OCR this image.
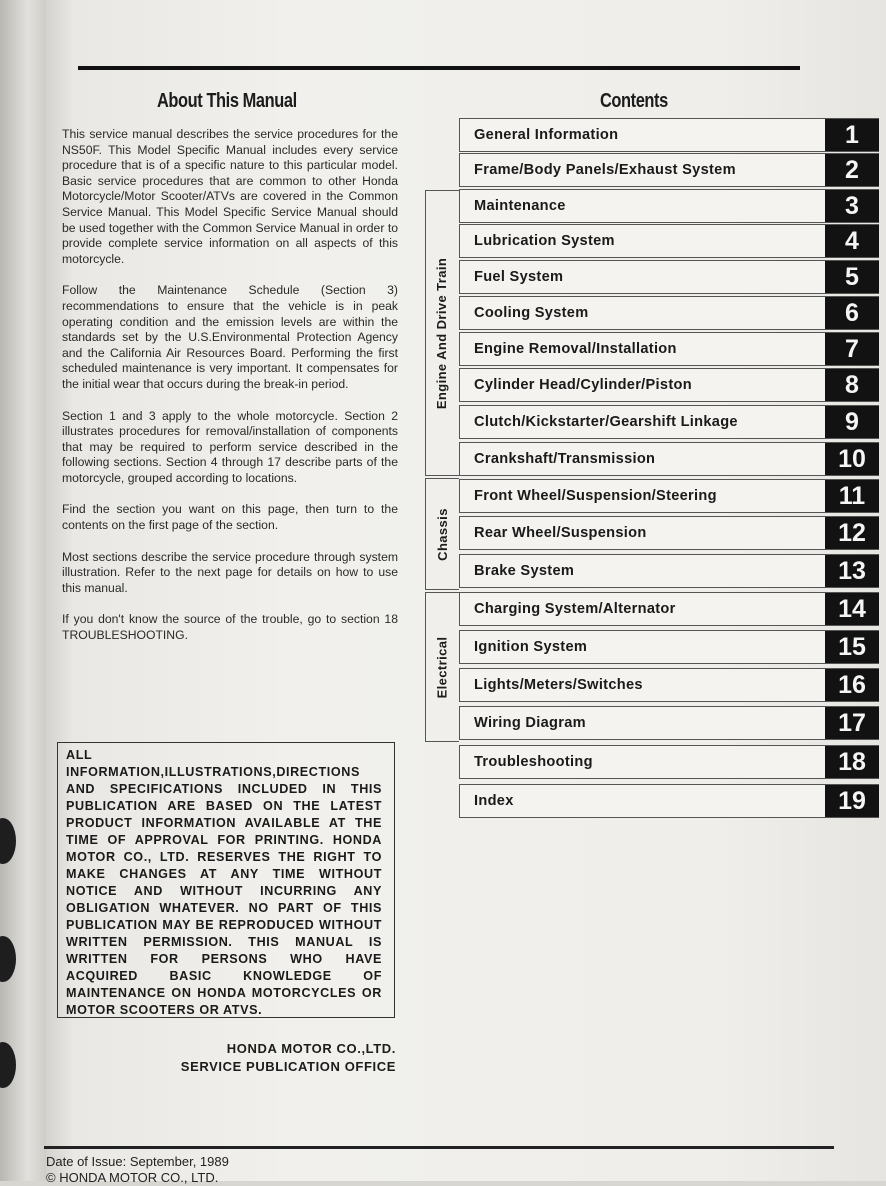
About This Manual

This service manual describes the service procedures for the NS50F. This Model Specific Manual includes every service procedure that is of a specific nature to this particular model. Basic service procedures that are common to other Honda Motorcycle/Motor Scooter/ATVs are covered in the Common Service Manual. This Model Specific Service Manual should be used together with the Common Service Manual in order to provide complete service information on all aspects of this motorcycle.

Follow the Maintenance Schedule (Section 3) recommendations to ensure that the vehicle is in peak operating condition and the emission levels are within the standards set by the U.S.Environmental Protection Agency and the California Air Resources Board. Performing the first scheduled maintenance is very important. It compensates for the initial wear that occurs during the break-in period.

Section 1 and 3 apply to the whole motorcycle. Section 2 illustrates procedures for removal/installation of components that may be required to perform service described in the following sections. Section 4 through 17 describe parts of the motorcycle, grouped according to locations.

Find the section you want on this page, then turn to the contents on the first page of the section.

Most sections describe the service procedure through system illustration. Refer to the next page for details on how to use this manual.

If you don't know the source of the trouble, go to section 18 TROUBLESHOOTING.

ALL INFORMATION,ILLUSTRATIONS,DIRECTIONS AND SPECIFICATIONS INCLUDED IN THIS PUBLICATION ARE BASED ON THE LATEST PRODUCT INFORMATION AVAILABLE AT THE TIME OF APPROVAL FOR PRINTING. HONDA MOTOR CO., LTD. RESERVES THE RIGHT TO MAKE CHANGES AT ANY TIME WITHOUT NOTICE AND WITHOUT INCURRING ANY OBLIGATION WHATEVER. NO PART OF THIS PUBLICATION MAY BE REPRODUCED WITHOUT WRITTEN PERMISSION. THIS MANUAL IS WRITTEN FOR PERSONS WHO HAVE ACQUIRED BASIC KNOWLEDGE OF MAINTENANCE ON HONDA MOTORCYCLES OR MOTOR SCOOTERS OR ATVS.
HONDA MOTOR CO.,LTD.
SERVICE PUBLICATION OFFICE
Contents
Engine And Drive Train
Chassis
Electrical
General Information	1
Frame/Body Panels/Exhaust System	2
Maintenance	3
Lubrication System	4
Fuel System	5
Cooling System	6
Engine Removal/Installation	7
Cylinder Head/Cylinder/Piston	8
Clutch/Kickstarter/Gearshift Linkage	9
Crankshaft/Transmission	10
Front Wheel/Suspension/Steering	11
Rear Wheel/Suspension	12
Brake System	13
Charging System/Alternator	14
Ignition System	15
Lights/Meters/Switches	16
Wiring Diagram	17
Troubleshooting	18
Index	19
Date of Issue: September, 1989
© HONDA MOTOR CO., LTD.
